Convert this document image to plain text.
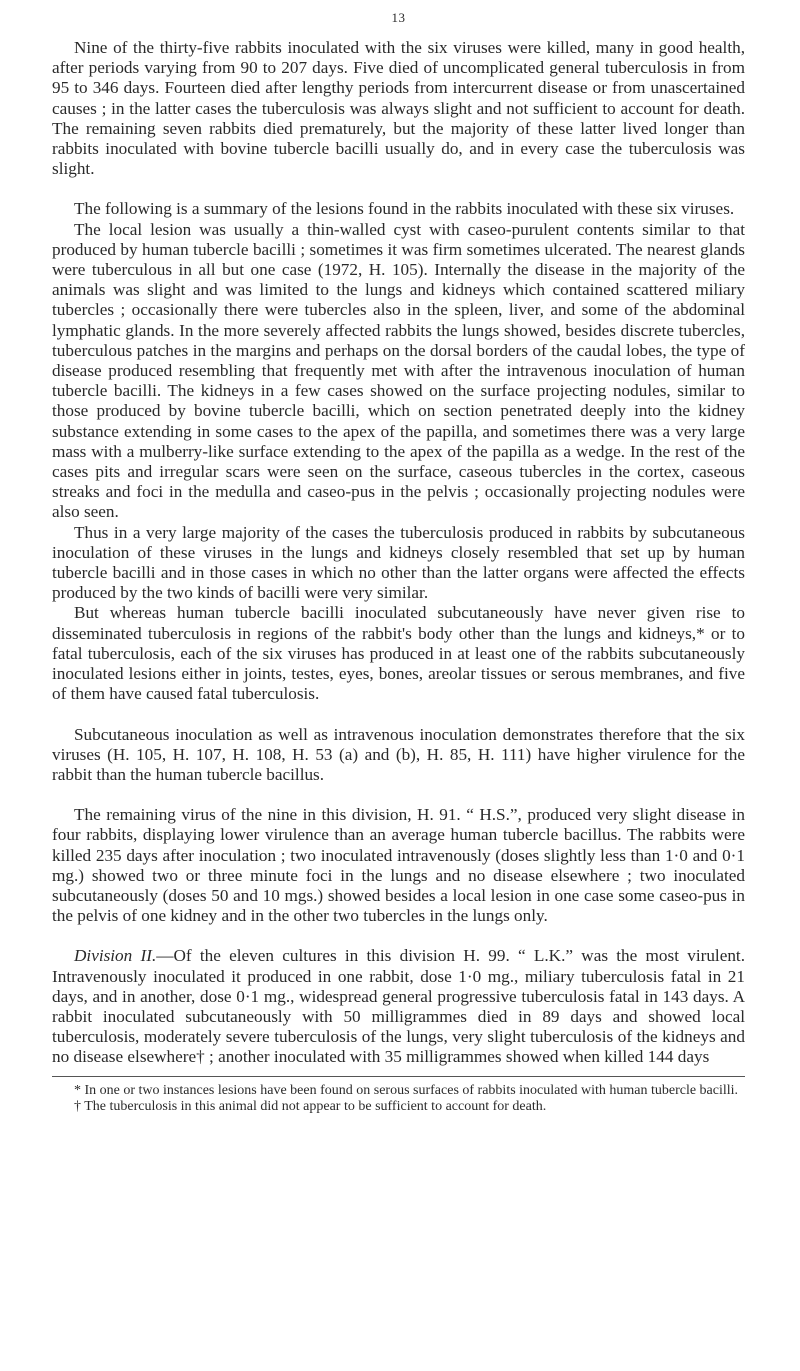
13

Nine of the thirty-five rabbits inoculated with the six viruses were killed, many in good health, after periods varying from 90 to 207 days. Five died of uncomplicated general tuberculosis in from 95 to 346 days. Fourteen died after lengthy periods from intercurrent disease or from unascertained causes ; in the latter cases the tuberculosis was always slight and not sufficient to account for death. The remaining seven rabbits died prematurely, but the majority of these latter lived longer than rabbits inoculated with bovine tubercle bacilli usually do, and in every case the tuberculosis was slight.

The following is a summary of the lesions found in the rabbits inoculated with these six viruses.

The local lesion was usually a thin-walled cyst with caseo-purulent contents similar to that produced by human tubercle bacilli ; sometimes it was firm sometimes ulcerated. The nearest glands were tuberculous in all but one case (1972, H. 105). Internally the disease in the majority of the animals was slight and was limited to the lungs and kidneys which contained scattered miliary tubercles ; occasionally there were tubercles also in the spleen, liver, and some of the abdominal lymphatic glands. In the more severely affected rabbits the lungs showed, besides discrete tubercles, tuberculous patches in the margins and perhaps on the dorsal borders of the caudal lobes, the type of disease produced resembling that frequently met with after the intravenous inoculation of human tubercle bacilli. The kidneys in a few cases showed on the surface projecting nodules, similar to those produced by bovine tubercle bacilli, which on section penetrated deeply into the kidney substance extending in some cases to the apex of the papilla, and sometimes there was a very large mass with a mulberry-like surface extending to the apex of the papilla as a wedge. In the rest of the cases pits and irregular scars were seen on the surface, caseous tubercles in the cortex, caseous streaks and foci in the medulla and caseo-pus in the pelvis ; occasionally projecting nodules were also seen.

Thus in a very large majority of the cases the tuberculosis produced in rabbits by subcutaneous inoculation of these viruses in the lungs and kidneys closely resembled that set up by human tubercle bacilli and in those cases in which no other than the latter organs were affected the effects produced by the two kinds of bacilli were very similar.

But whereas human tubercle bacilli inoculated subcutaneously have never given rise to disseminated tuberculosis in regions of the rabbit's body other than the lungs and kidneys,* or to fatal tuberculosis, each of the six viruses has produced in at least one of the rabbits subcutaneously inoculated lesions either in joints, testes, eyes, bones, areolar tissues or serous membranes, and five of them have caused fatal tuberculosis.

Subcutaneous inoculation as well as intravenous inoculation demonstrates therefore that the six viruses (H. 105, H. 107, H. 108, H. 53 (a) and (b), H. 85, H. 111) have higher virulence for the rabbit than the human tubercle bacillus.

The remaining virus of the nine in this division, H. 91. “ H.S.”, produced very slight disease in four rabbits, displaying lower virulence than an average human tubercle bacillus. The rabbits were killed 235 days after inoculation ; two inoculated intravenously (doses slightly less than 1·0 and 0·1 mg.) showed two or three minute foci in the lungs and no disease elsewhere ; two inoculated subcutaneously (doses 50 and 10 mgs.) showed besides a local lesion in one case some caseo-pus in the pelvis of one kidney and in the other two tubercles in the lungs only.

Division II.—Of the eleven cultures in this division H. 99. “ L.K.” was the most virulent. Intravenously inoculated it produced in one rabbit, dose 1·0 mg., miliary tuberculosis fatal in 21 days, and in another, dose 0·1 mg., widespread general progressive tuberculosis fatal in 143 days. A rabbit inoculated subcutaneously with 50 milligrammes died in 89 days and showed local tuberculosis, moderately severe tuberculosis of the lungs, very slight tuberculosis of the kidneys and no disease elsewhere† ; another inoculated with 35 milligrammes showed when killed 144 days

* In one or two instances lesions have been found on serous surfaces of rabbits inoculated with human tubercle bacilli.

† The tuberculosis in this animal did not appear to be sufficient to account for death.
